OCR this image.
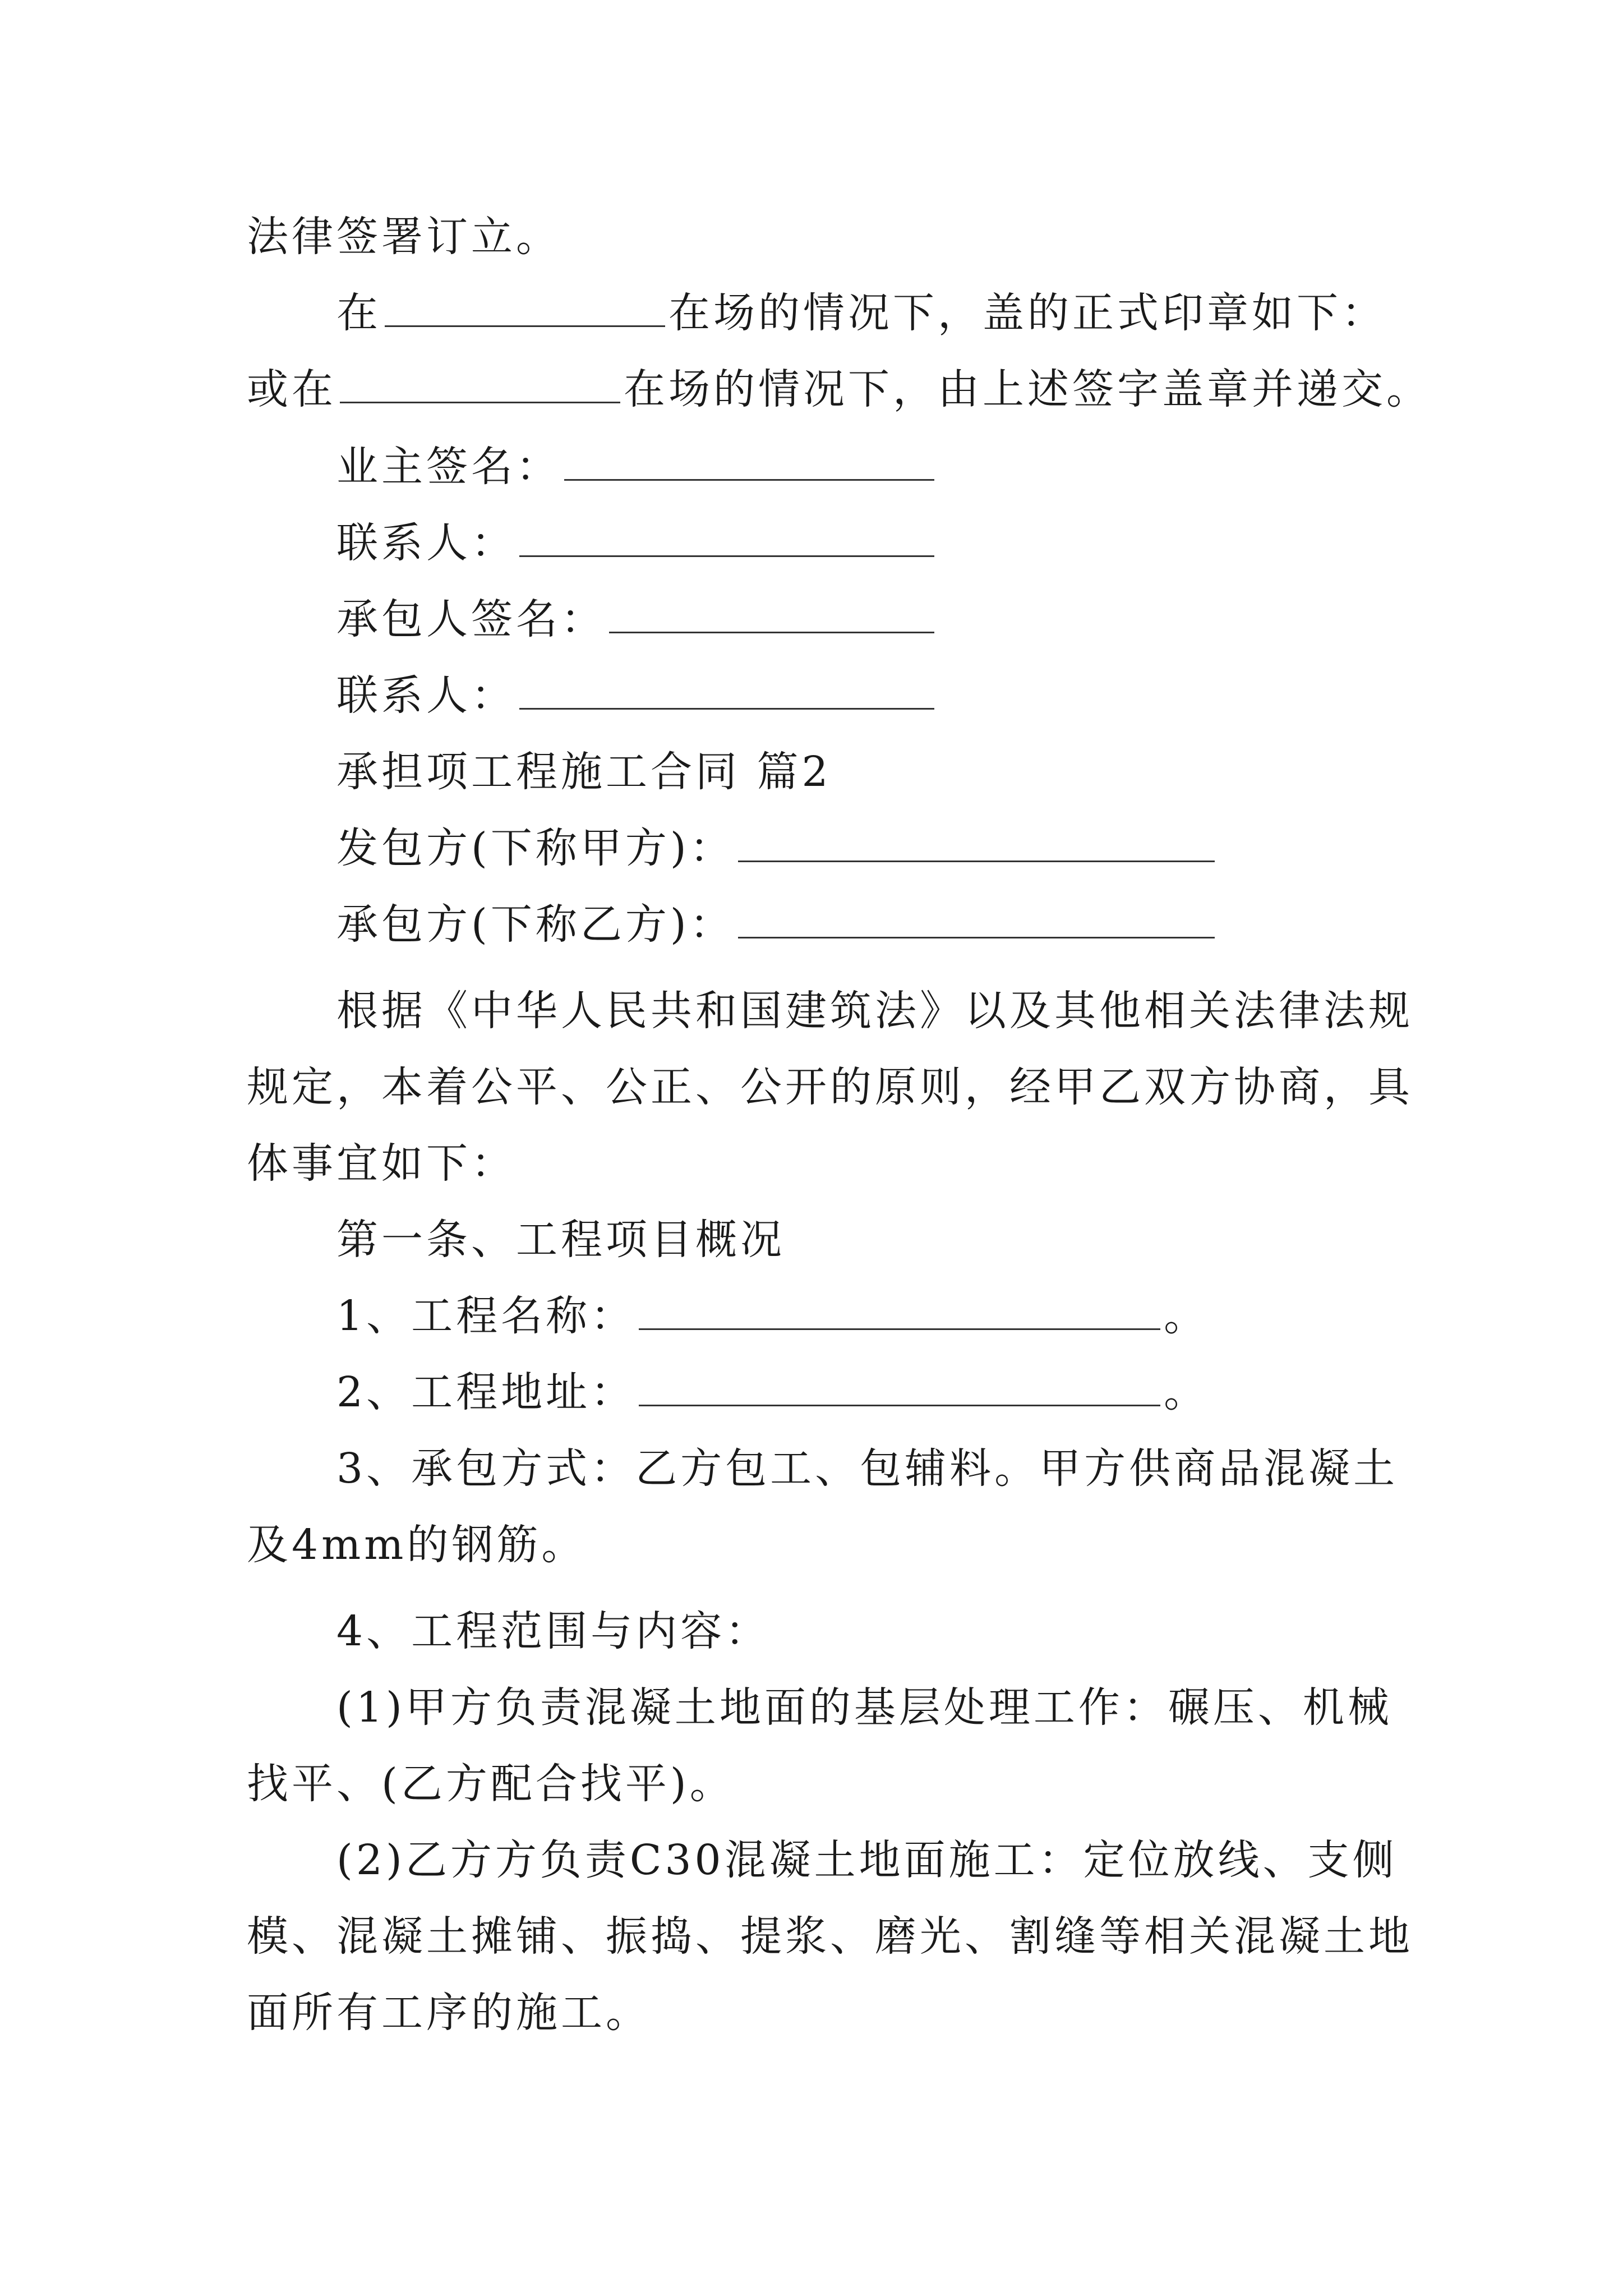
法律签署订立。
在	在场的情况下，盖的正式印章如下：
或在	在场的情况下，由上述签字盖章并递交。
业主签名：
联系人：
承包人签名：
联系人：
承担项工程施工合同 篇2
发包方(下称甲方)：
承包方(下称乙方)：
根据《中华人民共和国建筑法》以及其他相关法律法规
规定，本着公平、公正、公开的原则，经甲乙双方协商，具
体事宜如下：
第一条、工程项目概况
1、工程名称：	。
2、工程地址：	。
3、承包方式：乙方包工、包辅料。甲方供商品混凝土
及4mm的钢筋。
4、工程范围与内容：
(1)甲方负责混凝土地面的基层处理工作：碾压、机械
找平、(乙方配合找平)。
(2)乙方方负责C30混凝土地面施工：定位放线、支侧
模、混凝土摊铺、振捣、提浆、磨光、割缝等相关混凝土地
面所有工序的施工。
